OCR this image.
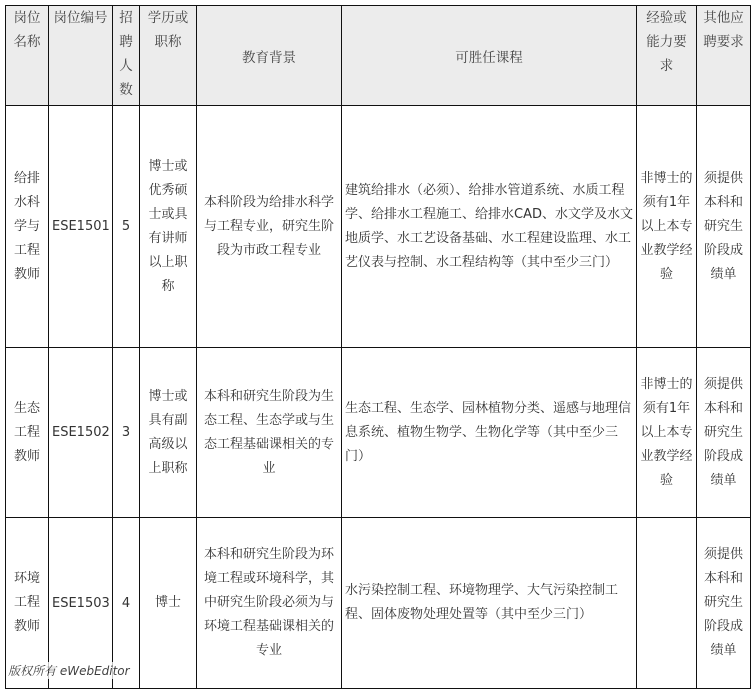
岗位名称	岗位编号	招聘人数	学历或职称	教育背景	可胜任课程	经验或能力要求	其他应聘要求
给排水科学与工程教师	ESE1501	5	博士或优秀硕士或具有讲师以上职称	本科阶段为给排水科学与工程专业，研究生阶段为市政工程专业	建筑给排水（必须）、给排水管道系统、水质工程学、给排水工程施工、给排水CAD、水文学及水文地质学、水工艺设备基础、水工程建设监理、水工艺仪表与控制、水工程结构等（其中至少三门）	非博士的须有1年以上本专业教学经验	须提供本科和研究生阶段成绩单
生态工程教师	ESE1502	3	博士或具有副高级以上职称	本科和研究生阶段为生态工程、生态学或与生态工程基础课相关的专业	生态工程、生态学、园林植物分类、遥感与地理信息系统、植物生物学、生物化学等（其中至少三门）	非博士的须有1年以上本专业教学经验	须提供本科和研究生阶段成绩单
环境工程教师	ESE1503	4	博士	本科和研究生阶段为环境工程或环境科学，其中研究生阶段必须为与环境工程基础课相关的专业	水污染控制工程、环境物理学、大气污染控制工程、固体废物处理处置等（其中至少三门）		须提供本科和研究生阶段成绩单
版权所有 eWebEditor
